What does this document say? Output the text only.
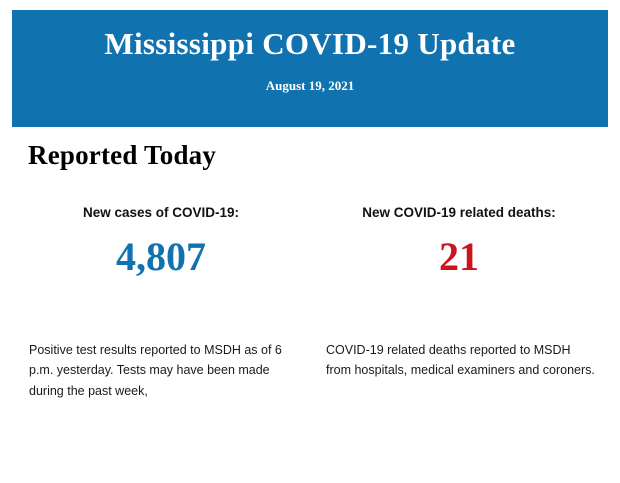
Mississippi COVID-19 Update
August 19, 2021
Reported Today
New cases of COVID-19:
4,807
New COVID-19 related deaths:
21
Positive test results reported to MSDH as of 6 p.m. yesterday. Tests may have been made during the past week,
COVID-19 related deaths reported to MSDH from hospitals, medical examiners and coroners.
